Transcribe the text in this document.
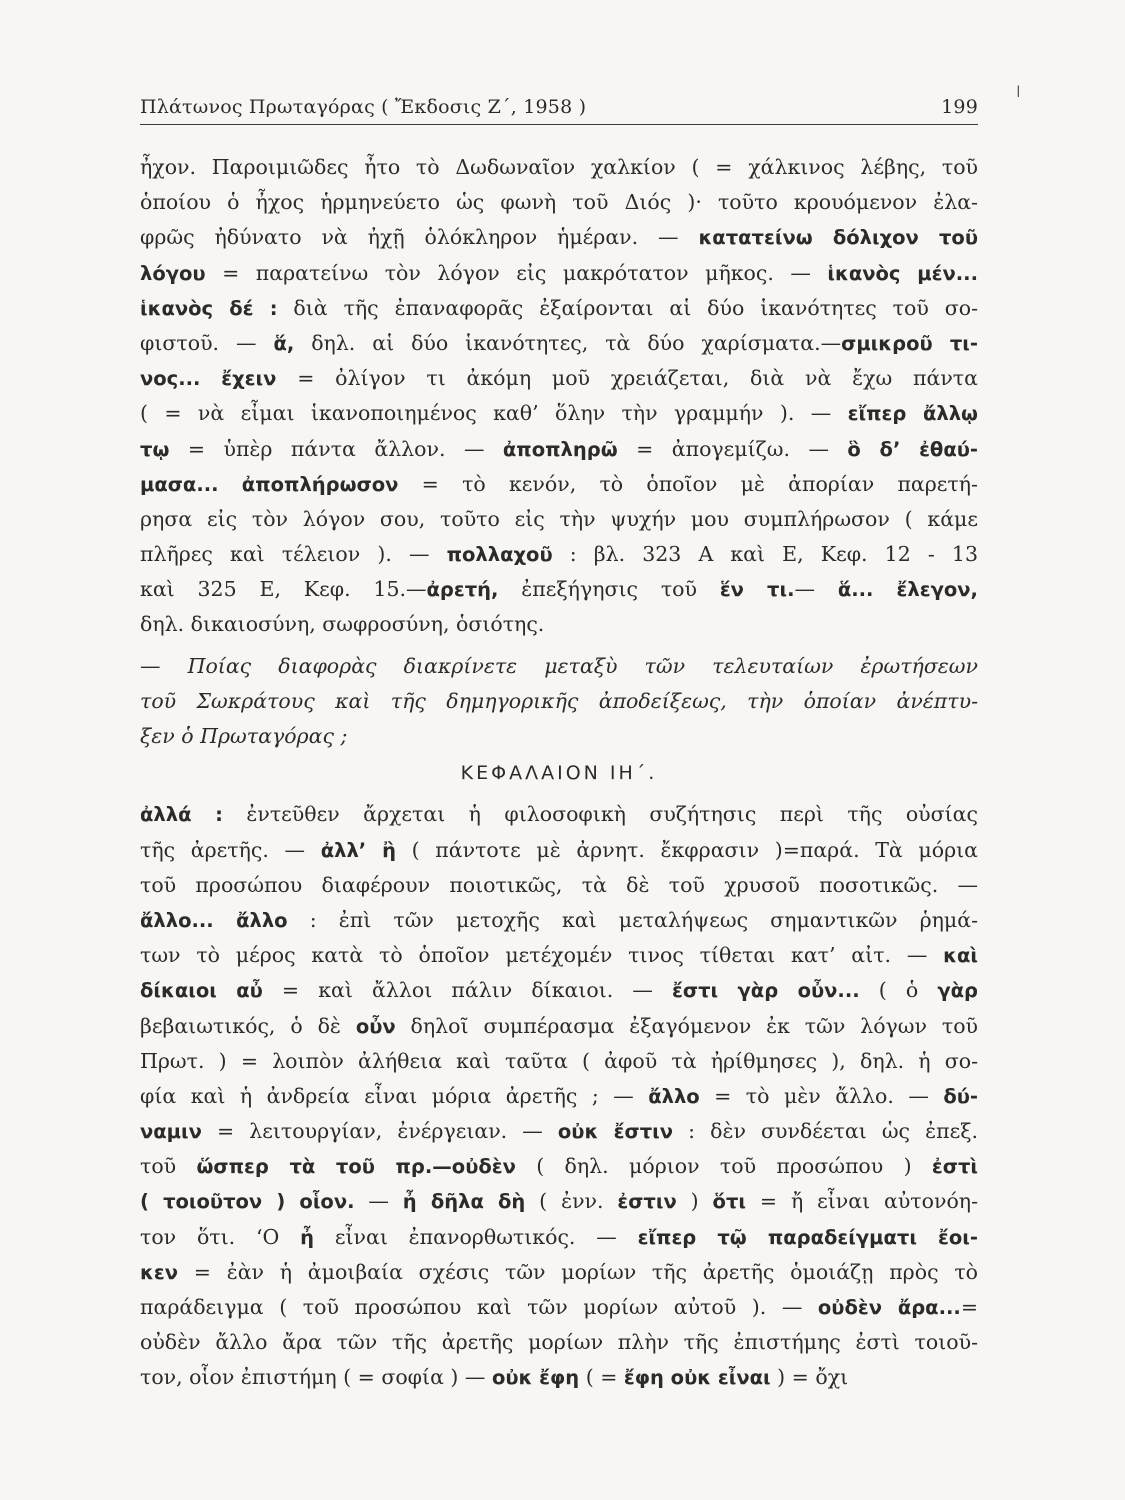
Πλάτωνος Πρωταγόρας ( Ἔκδοσις Ζ΄, 1958 )	199
ǀ
ἦχον. Παροιμιῶδες ἦτο τὸ Δωδωναῖον χαλκίον ( = χάλκινος λέβης, τοῦ
ὁποίου ὁ ἦχος ἡρμηνεύετο ὡς φωνὴ τοῦ Διός )· τοῦτο κρουόμενον ἐλα-
φρῶς ἠδύνατο νὰ ἠχῇ ὁλόκληρον ἡμέραν. — κατατείνω δόλιχον τοῦ
λόγου = παρατείνω τὸν λόγον εἰς μακρότατον μῆκος. — ἱκανὸς μέν...
ἱκανὸς δέ : διὰ τῆς ἐπαναφορᾶς ἐξαίρονται αἱ δύο ἱκανότητες τοῦ σο-
φιστοῦ. — ἅ, δηλ. αἱ δύο ἱκανότητες, τὰ δύο χαρίσματα.—σμικροῦ τι-
νος... ἔχειν = ὀλίγον τι ἀκόμη μοῦ χρειάζεται, διὰ νὰ ἔχω πάντα
( = νὰ εἶμαι ἱκανοποιημένος καθ’ ὅλην τὴν γραμμήν ). — εἴπερ ἄλλῳ
τῳ = ὑπὲρ πάντα ἄλλον. — ἀποπληρῶ = ἀπογεμίζω. — ὃ δ’ ἐθαύ-
μασα... ἀποπλήρωσον = τὸ κενόν, τὸ ὁποῖον μὲ ἀπορίαν παρετή-
ρησα εἰς τὸν λόγον σου, τοῦτο εἰς τὴν ψυχήν μου συμπλήρωσον ( κάμε
πλῆρες καὶ τέλειον ). — πολλαχοῦ : βλ. 323 Α καὶ Ε, Κεφ. 12 - 13
καὶ 325 Ε, Κεφ. 15.—ἀρετή, ἐπεξήγησις τοῦ ἕν τι.— ἅ... ἔλεγον,
δηλ. δικαιοσύνη, σωφροσύνη, ὁσιότης.
— Ποίας διαφορὰς διακρίνετε μεταξὺ τῶν τελευταίων ἐρωτήσεων
τοῦ Σωκράτους καὶ τῆς δημηγορικῆς ἀποδείξεως, τὴν ὁποίαν ἀνέπτυ-
ξεν ὁ Πρωταγόρας ;
ΚΕΦΑΛΑΙΟΝ ΙΗ΄.
ἀλλά : ἐντεῦθεν ἄρχεται ἡ φιλοσοφικὴ συζήτησις περὶ τῆς οὐσίας
τῆς ἀρετῆς. — ἀλλ’ ἢ ( πάντοτε μὲ ἀρνητ. ἔκφρασιν )=παρά. Τὰ μόρια
τοῦ προσώπου διαφέρουν ποιοτικῶς, τὰ δὲ τοῦ χρυσοῦ ποσοτικῶς. —
ἄλλο... ἄλλο : ἐπὶ τῶν μετοχῆς καὶ μεταλήψεως σημαντικῶν ῥημά-
των τὸ μέρος κατὰ τὸ ὁποῖον μετέχομέν τινος τίθεται κατ’ αἰτ. — καὶ
δίκαιοι αὖ = καὶ ἄλλοι πάλιν δίκαιοι. — ἔστι γὰρ οὖν... ( ὁ γὰρ
βεβαιωτικός, ὁ δὲ οὖν δηλοῖ συμπέρασμα ἐξαγόμενον ἐκ τῶν λόγων τοῦ
Πρωτ. ) = λοιπὸν ἀλήθεια καὶ ταῦτα ( ἀφοῦ τὰ ἠρίθμησες ), δηλ. ἡ σο-
φία καὶ ἡ ἀνδρεία εἶναι μόρια ἀρετῆς ; — ἄλλο = τὸ μὲν ἄλλο. — δύ-
ναμιν = λειτουργίαν, ἐνέργειαν. — οὐκ ἔστιν : δὲν συνδέεται ὡς ἐπεξ.
τοῦ ὥσπερ τὰ τοῦ πρ.—οὐδὲν ( δηλ. μόριον τοῦ προσώπου ) ἐστὶ
( τοιοῦτον ) οἷον. — ἦ δῆλα δὴ ( ἐνν. ἐστιν ) ὅτι = ἤ εἶναι αὐτονόη-
τον ὅτι. ‘Ο ἦ εἶναι ἐπανορθωτικός. — εἴπερ τῷ παραδείγματι ἔοι-
κεν = ἐὰν ἡ ἀμοιβαία σχέσις τῶν μορίων τῆς ἀρετῆς ὁμοιάζῃ πρὸς τὸ
παράδειγμα ( τοῦ προσώπου καὶ τῶν μορίων αὐτοῦ ). — οὐδὲν ἄρα...=
οὐδὲν ἄλλο ἄρα τῶν τῆς ἀρετῆς μορίων πλὴν τῆς ἐπιστήμης ἐστὶ τοιοῦ-
τον, οἷον ἐπιστήμη ( = σοφία ) — οὐκ ἔφη ( = ἔφη οὐκ εἶναι ) = ὄχι
